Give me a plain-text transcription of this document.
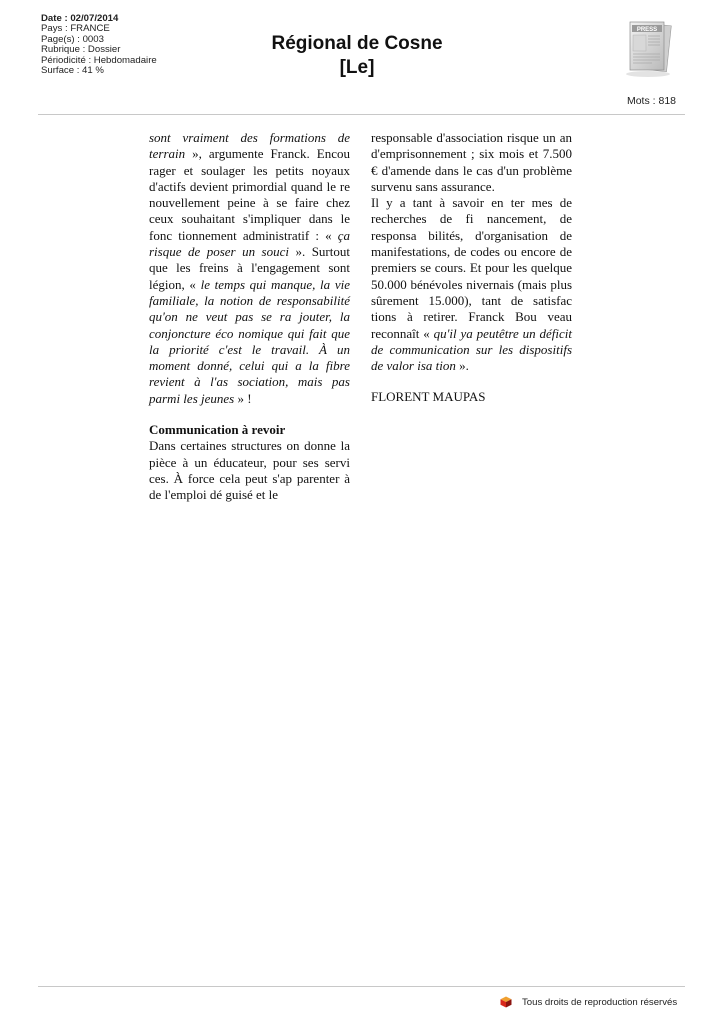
Date : 02/07/2014
Pays : FRANCE
Page(s) : 0003
Rubrique : Dossier
Périodicité : Hebdomadaire
Surface : 41 %
Régional de Cosne
[Le]
PRESS
Mots : 818

sont vraiment des formations de terrain », argumente Franck. Encou rager et soulager les petits noyaux d'actifs devient primordial quand le re nouvellement peine à se faire chez ceux souhaitant s'impliquer dans le fonc tionnement administratif : « ça risque de poser un souci ». Surtout que les freins à l'engagement sont légion, « le temps qui manque, la vie familiale, la notion de responsabilité qu'on ne veut pas se ra jouter, la conjoncture éco nomique qui fait que la priorité c'est le travail. À un moment donné, celui qui a la fibre revient à l'as sociation, mais pas parmi les jeunes » !

Communication à revoir

Dans certaines structures on donne la pièce à un éducateur, pour ses servi ces. À force cela peut s'ap parenter à de l'emploi dé guisé et le

responsable d'association risque un an d'emprisonnement ; six mois et 7.500 € d'amende dans le cas d'un problème survenu sans assurance.

Il y a tant à savoir en ter mes de recherches de fi nancement, de responsa bilités, d'organisation de manifestations, de codes ou encore de premiers se cours. Et pour les quelque 50.000 bénévoles nivernais (mais plus sûrement 15.000), tant de satisfac tions à retirer. Franck Bou veau reconnaît « qu'il ya peutêtre un déficit de communication sur les dispositifs de valor isa tion ».

FLORENT MAUPAS

Tous droits de reproduction réservés
